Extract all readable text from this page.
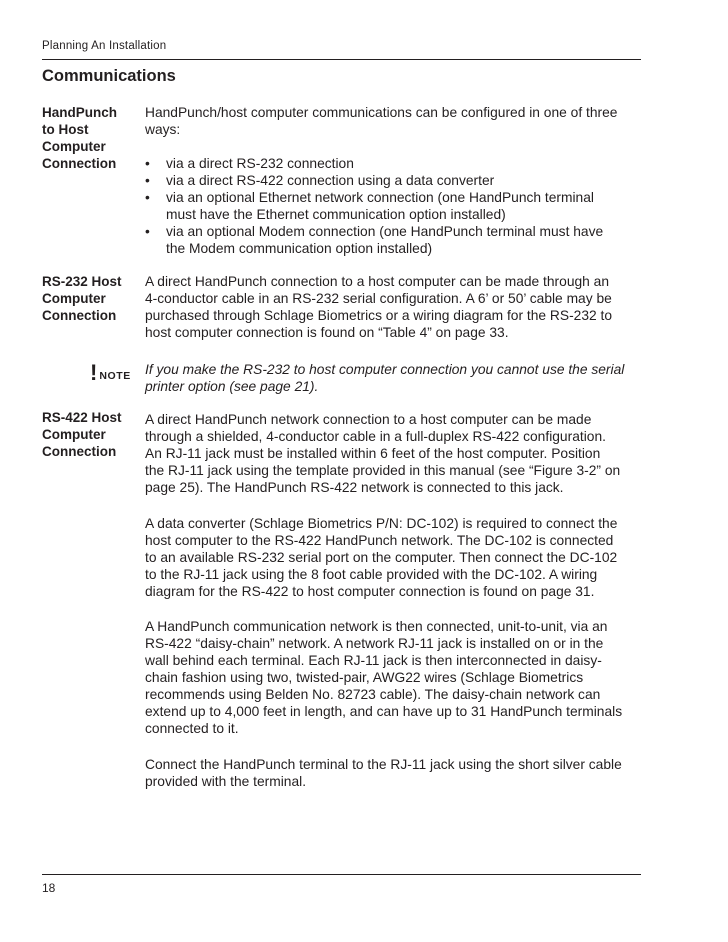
Planning An Installation
Communications
HandPunch
to Host
Computer
Connection

HandPunch/host computer communications can be configured in one of three

ways:

• via a direct RS-232 connection
• via a direct RS-422 connection using a data converter
• via an optional Ethernet network connection (one HandPunch terminal
must have the Ethernet communication option installed)
• via an optional Modem connection (one HandPunch terminal must have
the Modem communication option installed)
RS-232 Host
Computer
Connection

A direct HandPunch connection to a host computer can be made through an

4-conductor cable in an RS-232 serial configuration. A 6’ or 50’ cable may be

purchased through Schlage Biometrics or a wiring diagram for the RS-232 to

host computer connection is found on “Table 4” on page 33.

! NOTE If you make the RS-232 to host computer connection you cannot use the serial

printer option (see page 21).

RS-422 Host
Computer
Connection

A direct HandPunch network connection to a host computer can be made

through a shielded, 4-conductor cable in a full-duplex RS-422 configuration.

An RJ-11 jack must be installed within 6 feet of the host computer. Position

the RJ-11 jack using the template provided in this manual (see “Figure 3-2” on

page 25). The HandPunch RS-422 network is connected to this jack.

A data converter (Schlage Biometrics P/N: DC-102) is required to connect the

host computer to the RS-422 HandPunch network. The DC-102 is connected

to an available RS-232 serial port on the computer. Then connect the DC-102

to the RJ-11 jack using the 8 foot cable provided with the DC-102. A wiring

diagram for the RS-422 to host computer connection is found on page 31.

A HandPunch communication network is then connected, unit-to-unit, via an

RS-422 “daisy-chain” network. A network RJ-11 jack is installed on or in the

wall behind each terminal. Each RJ-11 jack is then interconnected in daisy-

chain fashion using two, twisted-pair, AWG22 wires (Schlage Biometrics

recommends using Belden No. 82723 cable). The daisy-chain network can

extend up to 4,000 feet in length, and can have up to 31 HandPunch terminals

connected to it.

Connect the HandPunch terminal to the RJ-11 jack using the short silver cable

provided with the terminal.

18
